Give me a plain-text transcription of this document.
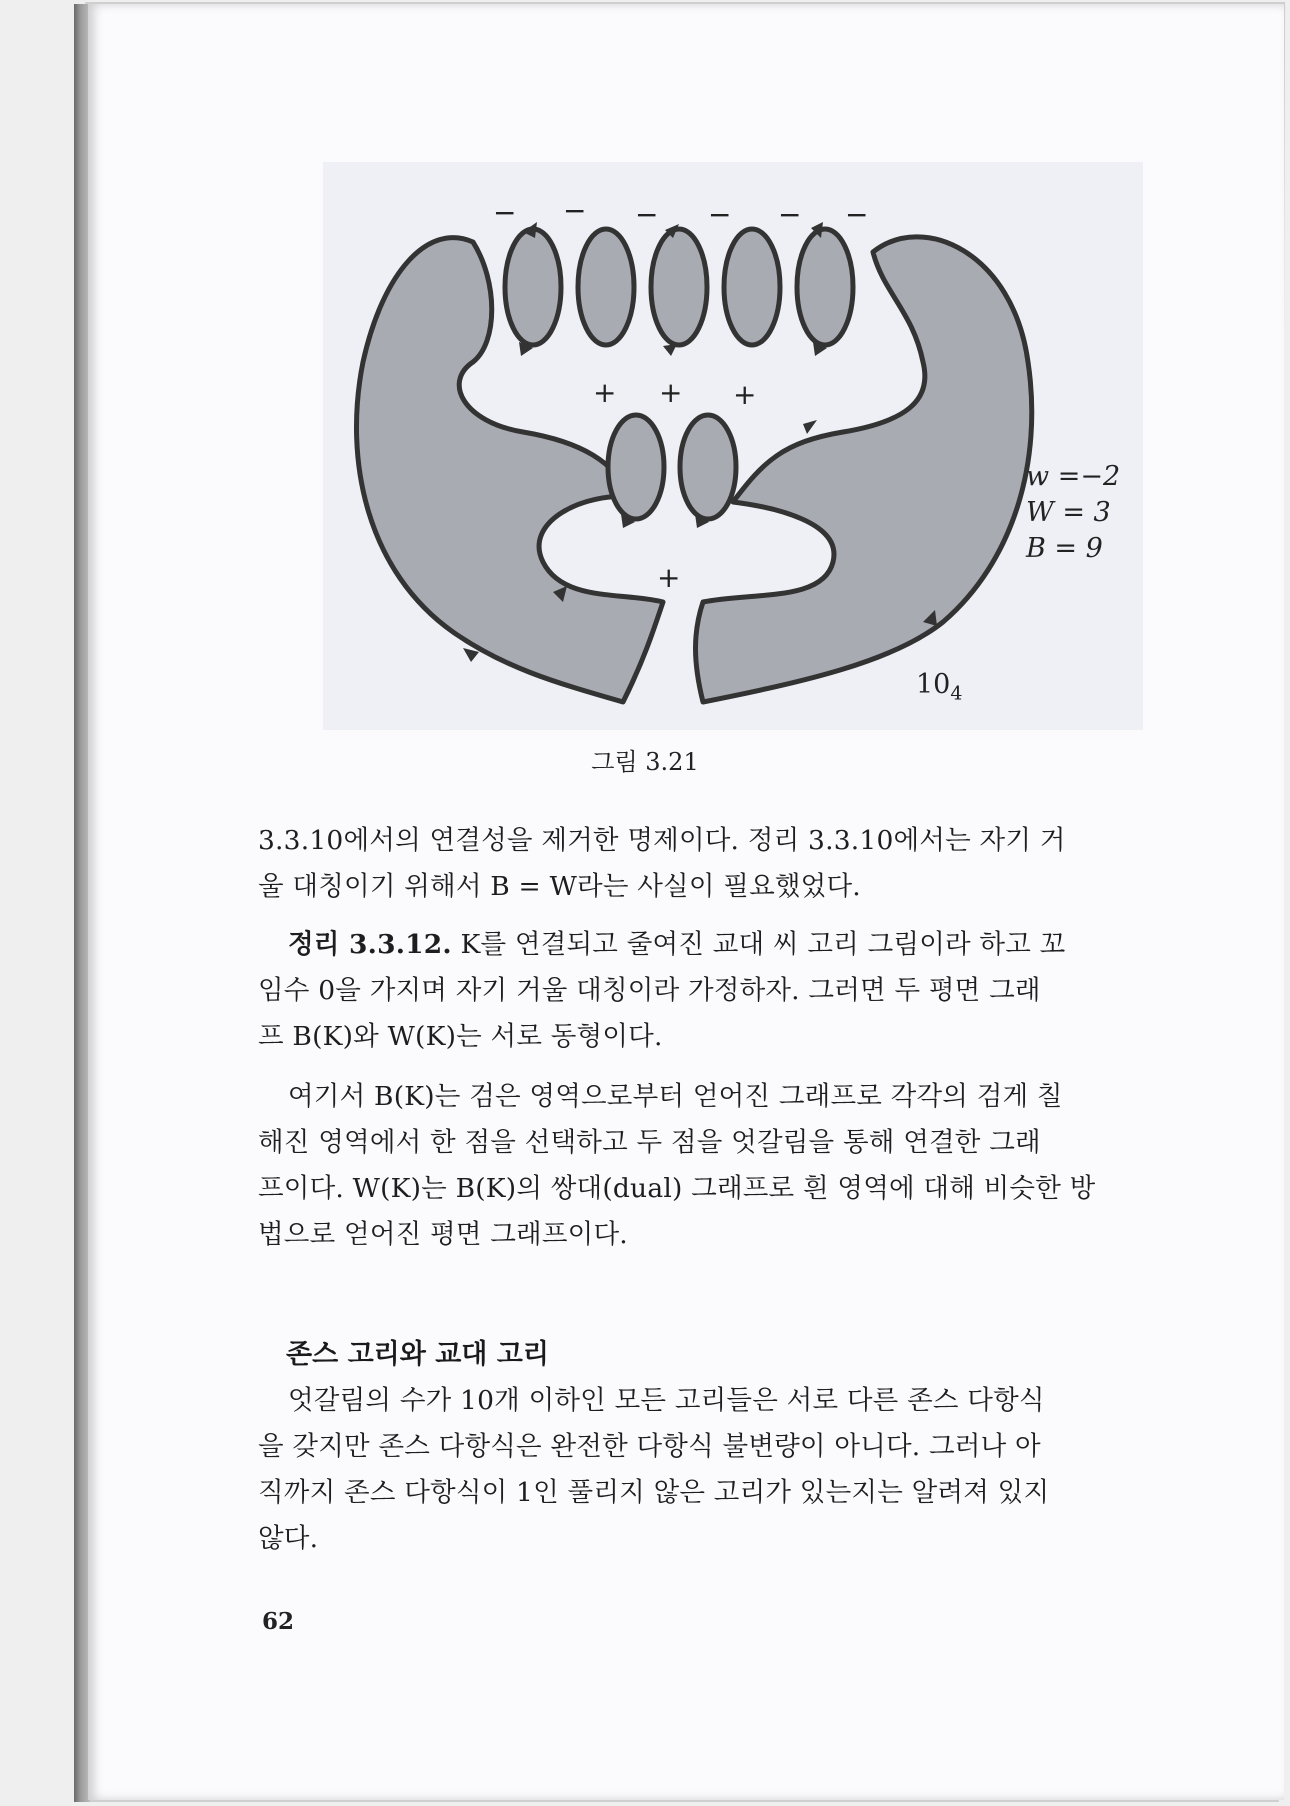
− − − − − −
+ + +
+
w =−2
W = 3
B = 9
$10_4$
그림 3.21
3.3.10에서의 연결성을 제거한 명제이다. 정리 3.3.10에서는 자기 거
울 대칭이기 위해서 B = W라는 사실이 필요했었다.
정리 3.3.12. K를 연결되고 줄여진 교대 씨 고리 그림이라 하고 꼬
임수 0을 가지며 자기 거울 대칭이라 가정하자. 그러면 두 평면 그래
프 B(K)와 W(K)는 서로 동형이다.
여기서 B(K)는 검은 영역으로부터 얻어진 그래프로 각각의 검게 칠
해진 영역에서 한 점을 선택하고 두 점을 엇갈림을 통해 연결한 그래
프이다. W(K)는 B(K)의 쌍대(dual) 그래프로 흰 영역에 대해 비슷한 방
법으로 얻어진 평면 그래프이다.
존스 고리와 교대 고리
엇갈림의 수가 10개 이하인 모든 고리들은 서로 다른 존스 다항식
을 갖지만 존스 다항식은 완전한 다항식 불변량이 아니다. 그러나 아
직까지 존스 다항식이 1인 풀리지 않은 고리가 있는지는 알려져 있지
않다.
62
